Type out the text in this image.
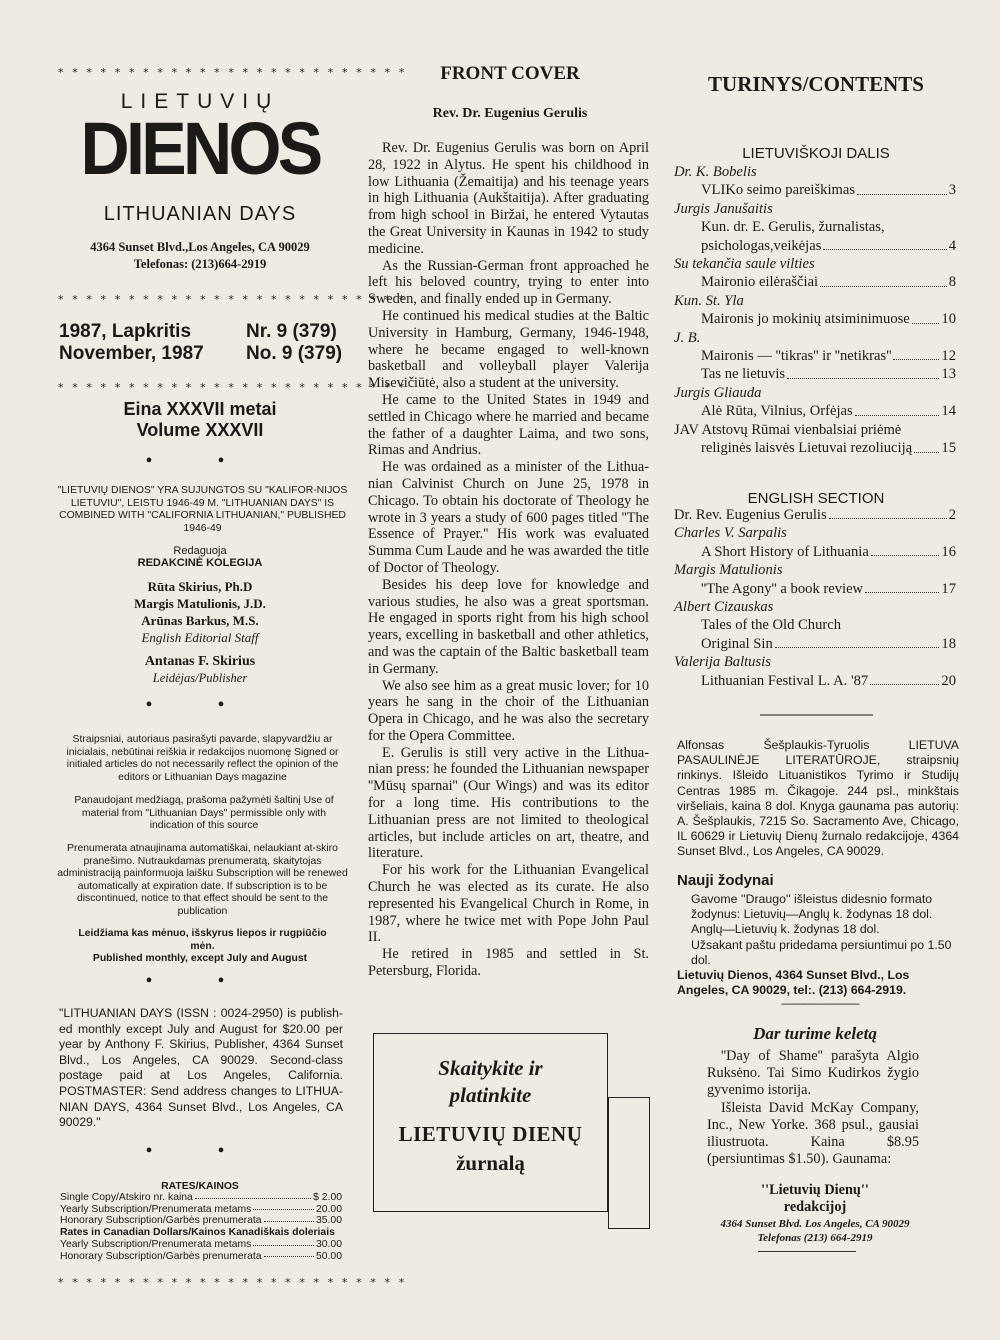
* * * * * * * * * * * * * * * * * * * * * * * * *
LIETUVIŲ
DIENOS
LITHUANIAN DAYS
4364 Sunset Blvd.,Los Angeles, CA 90029
Telefonas: (213)664-2919
* * * * * * * * * * * * * * * * * * * * * * * * *
1987, Lapkritis	Nr. 9 (379)
November, 1987 No. 9 (379)
* * * * * * * * * * * * * * * * * * * * * * * * *
Eina XXXVII metai
Volume XXXVII
• •
"LIETUVIŲ DIENOS" YRA SUJUNGTOS SU "KALIFOR-NIJOS LIETUVIU", LEISTU 1946-49 M. "LITHUANIAN DAYS" IS COMBINED WITH "CALIFORNIA LITHUANIAN," PUBLISHED 1946-49
Redaguoja
REDAKCINĖ KOLEGIJA
Rūta Skirius, Ph.D
Margis Matulionis, J.D.
Arūnas Barkus, M.S.
English Editorial Staff
Antanas F. Skirius
Leidėjas/Publisher
• •
Straipsniai, autoriaus pasirašyti pavarde, slapyvardžiu ar inicialais, nebūtinai reiškia ir redakcijos nuomonę Signed or initialed articles do not necessarily reflect the opinion of the editors or Lithuanian Days magazine
Panaudojant medžiagą, prašoma pažymėti šaltinį Use of material from "Lithuanian Days" permissible only with indication of this source
Prenumerata atnaujinama automatiškai, nelaukiant at-skiro pranešimo. Nutraukdamas prenumeratą, skaitytojas administraciją painformuoja laišku Subscription will be renewed automatically at expiration date. If subscription is to be discontinued, notice to that effect should be sent to the publication
Leidžiama kas mėnuo, išskyrus liepos ir rugpiūčio mėn.
Published monthly, except July and August
• •
"LITHUANIAN DAYS (ISSN : 0024-2950) is publish-ed monthly except July and August for $20.00 per year by Anthony F. Skirius, Publisher, 4364 Sunset Blvd., Los Angeles, CA 90029. Second-class postage paid at Los Angeles, California. POSTMASTER: Send address changes to LITHUA-NIAN DAYS, 4364 Sunset Blvd., Los Angeles, CA 90029."
• •
RATES/KAINOS
Single Copy/Atskiro nr. kaina	$ 2.00
Yearly Subscription/Prenumerata metams	20.00
Honorary Subscription/Garbės prenumerata	35.00
Rates in Canadian Dollars/Kainos Kanadiškais doleriais
Yearly Subscription/Prenumerata metams	30.00
Honorary Subscription/Garbės prenumerata	50.00
* * * * * * * * * * * * * * * * * * * * * * * * *
FRONT COVER
Rev. Dr. Eugenius Gerulis

Rev. Dr. Eugenius Gerulis was born on April 28, 1922 in Alytus. He spent his childhood in low Lithuania (Žemaitija) and his teenage years in high Lithuania (Aukštaitija). After graduating from high school in Biržai, he entered Vytautas the Great University in Kaunas in 1942 to study medicine.

As the Russian-German front approached he left his beloved country, trying to enter into Sweden, and finally ended up in Germany.

He continued his medical studies at the Baltic University in Hamburg, Germany, 1946-1948, where he became engaged to well-known basketball and volleyball player Valerija Misevičiūtė, also a student at the university.

He came to the United States in 1949 and settled in Chicago where he married and became the father of a daughter Laima, and two sons, Rimas and Andrius.

He was ordained as a minister of the Lithua-nian Calvinist Church on June 25, 1978 in Chicago. To obtain his doctorate of Theology he wrote in 3 years a study of 600 pages titled ''The Essence of Prayer.'' His work was evaluated Summa Cum Laude and he was awarded the title of Doctor of Theology.

Besides his deep love for knowledge and various studies, he also was a great sportsman. He engaged in sports right from his high school years, excelling in basketball and other athletics, and was the captain of the Baltic basketball team in Germany.

We also see him as a great music lover; for 10 years he sang in the choir of the Lithuanian Opera in Chicago, and he was also the secretary for the Opera Committee.

E. Gerulis is still very active in the Lithua-nian press: he founded the Lithuanian newspaper ''Mūsų sparnai'' (Our Wings) and was its editor for a long time. His contributions to the Lithuanian press are not limited to theological articles, but include articles on art, theatre, and literature.

For his work for the Lithuanian Evangelical Church he was elected as its curate. He also represented his Evangelical Church in Rome, in 1987, where he twice met with Pope John Paul II.

He retired in 1985 and settled in St. Petersburg, Florida.

Skaitykite ir
platinkite
LIETUVIŲ DIENŲ
žurnalą
TURINYS/CONTENTS
LIETUVIŠKOJI DALIS
Dr. K. Bobelis
VLIKo seimo pareiškimas	3
Jurgis Janušaitis
Kun. dr. E. Gerulis, žurnalistas,
psichologas,veikėjas	4
Su tekančia saule vilties
Maironio eilėraščiai	8
Kun. St. Yla
Maironis jo mokinių atsiminimuose 10
J. B.
Maironis — ''tikras'' ir ''netikras''	12
Tas ne lietuvis	13
Jurgis Gliauda
Alė Rūta, Vilnius, Orfėjas	14
JAV Atstovų Rūmai vienbalsiai priėmė
religinės laisvės Lietuvai rezoliuciją 15
ENGLISH SECTION
Dr. Rev. Eugenius Gerulis	2
Charles V. Sarpalis
A Short History of Lithuania	16
Margis Matulionis
''The Agony'' a book review	17
Albert Cizauskas
Tales of the Old Church
Original Sin	18
Valerija Baltusis
Lithuanian Festival L. A. '87	20
————————
Alfonsas Šešplaukis-Tyruolis LIETUVA PASAULINĖJE LITERATŪROJE, straipsnių rinkinys. Išleido Lituanistikos Tyrimo ir Studijų Centras 1985 m. Čikagoje. 244 psl., minkštais viršeliais, kaina 8 dol. Knyga gaunama pas autorių: A. Šešplaukis, 7215 So. Sacramento Ave, Chicago, IL 60629 ir Lietuvių Dienų žurnalo redakcijoje, 4364 Sunset Blvd., Los Angeles, CA 90029.
Nauji žodynai
Gavome ''Draugo'' išleistus didesnio formato žodynus: Lietuvių—Anglų k. žodynas 18 dol. Anglų—Lietuvių k. žodynas 18 dol.
Užsakant paštu pridedama persiuntimui po 1.50 dol.
Lietuvių Dienos, 4364 Sunset Blvd., Los Angeles, CA 90029, tel:. (213) 664-2919.
———————
Dar turime keletą

''Day of Shame'' parašyta Algio Ruksėno. Tai Simo Kudirkos žygio gyvenimo istorija.

Išleista David McKay Company, Inc., New Yorke. 368 psul., gausiai iliustruota. Kaina $8.95 (persiuntimas $1.50). Gaunama:

''Lietuvių Dienų''
redakcijoj
4364 Sunset Blvd. Los Angeles, CA 90029
Telefonas (213) 664-2919
